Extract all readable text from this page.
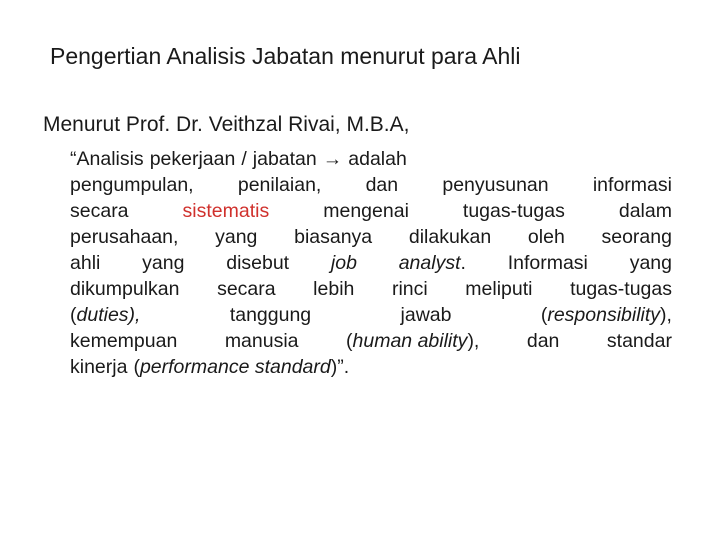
Pengertian Analisis Jabatan menurut para Ahli
Menurut Prof. Dr. Veithzal Rivai, M.B.A,
“Analisis pekerjaan / jabatan → adalah
pengumpulan, penilaian, dan penyusunan informasi
secara	sistematis	mengenai	tugas-tugas	dalam
perusahaan, yang biasanya dilakukan oleh seorang
ahli yang disebut job analyst. Informasi yang
dikumpulkan secara lebih rinci meliputi tugas-tugas
(duties),	tanggung	jawab	(responsibility),
kemempuan manusia (human ability), dan standar
kinerja (performance standard)”.
